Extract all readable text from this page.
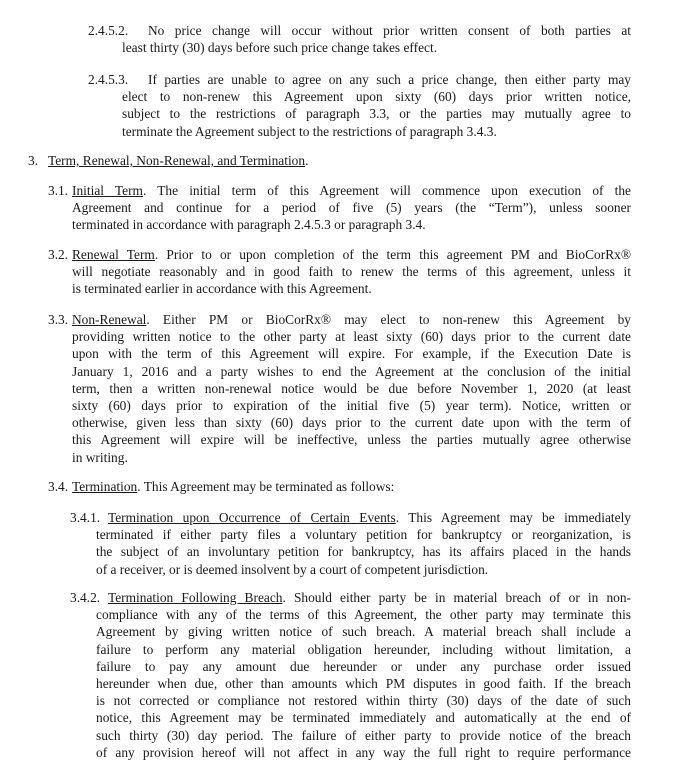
2.4.5.2. No price change will occur without prior written consent of both parties at
least thirty (30) days before such price change takes effect.
2.4.5.3. If parties are unable to agree on any such a price change, then either party may
elect to non-renew this Agreement upon sixty (60) days prior written notice,
subject to the restrictions of paragraph 3.3, or the parties may mutually agree to
terminate the Agreement subject to the restrictions of paragraph 3.4.3.
3. Term, Renewal, Non-Renewal, and Termination.
3.1. Initial Term. The initial term of this Agreement will commence upon execution of the
Agreement and continue for a period of five (5) years (the “Term”), unless sooner
terminated in accordance with paragraph 2.4.5.3 or paragraph 3.4.
3.2. Renewal Term. Prior to or upon completion of the term this agreement PM and BioCorRx®
will negotiate reasonably and in good faith to renew the terms of this agreement, unless it
is terminated earlier in accordance with this Agreement.
3.3. Non-Renewal. Either PM or BioCorRx® may elect to non-renew this Agreement by
providing written notice to the other party at least sixty (60) days prior to the current date
upon with the term of this Agreement will expire. For example, if the Execution Date is
January 1, 2016 and a party wishes to end the Agreement at the conclusion of the initial
term, then a written non-renewal notice would be due before November 1, 2020 (at least
sixty (60) days prior to expiration of the initial five (5) year term). Notice, written or
otherwise, given less than sixty (60) days prior to the current date upon with the term of
this Agreement will expire will be ineffective, unless the parties mutually agree otherwise
in writing.
3.4. Termination. This Agreement may be terminated as follows:
3.4.1. Termination upon Occurrence of Certain Events. This Agreement may be immediately
terminated if either party files a voluntary petition for bankruptcy or reorganization, is
the subject of an involuntary petition for bankruptcy, has its affairs placed in the hands
of a receiver, or is deemed insolvent by a court of competent jurisdiction.
3.4.2. Termination Following Breach. Should either party be in material breach of or in non-
compliance with any of the terms of this Agreement, the other party may terminate this
Agreement by giving written notice of such breach. A material breach shall include a
failure to perform any material obligation hereunder, including without limitation, a
failure to pay any amount due hereunder or under any purchase order issued
hereunder when due, other than amounts which PM disputes in good faith. If the breach
is not corrected or compliance not restored within thirty (30) days of the date of such
notice, this Agreement may be terminated immediately and automatically at the end of
such thirty (30) day period. The failure of either party to provide notice of the breach
of any provision hereof will not affect in any way the full right to require performance
